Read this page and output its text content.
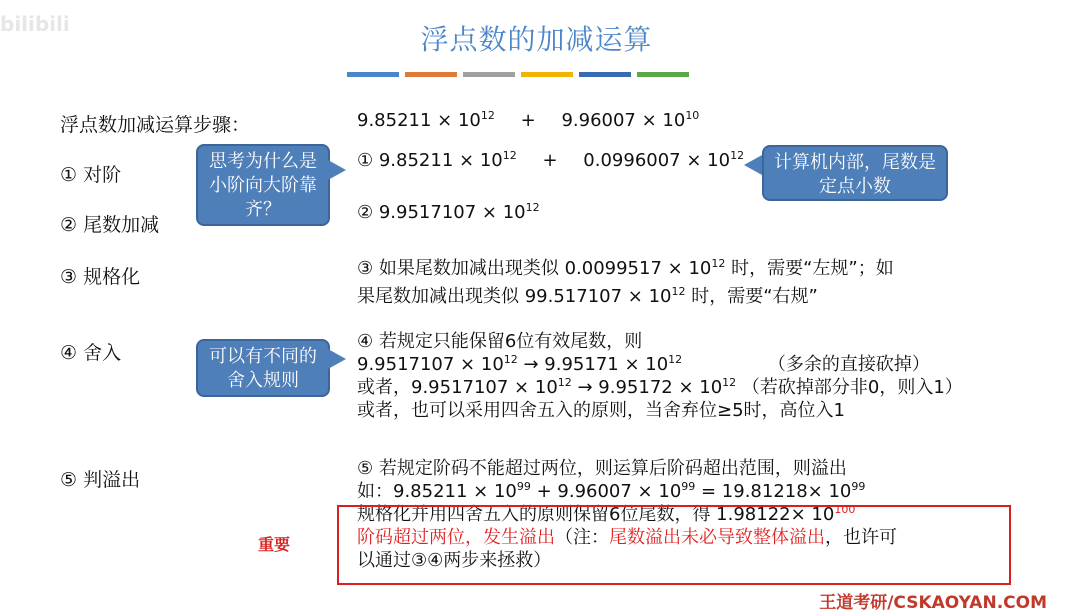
bilibili	浮点数的加减运算
浮点数加减运算步骤：	$9.85211 \times 10^{12} + 9.96007 \times 10^{10}$
① 对阶
② 尾数加减
③ 规格化
④ 舍入
⑤ 判溢出
① $9.85211 \times 10^{12} + 0.0996007 \times 10^{12}$
② $9.9517107 \times 10^{12}$
③ 如果尾数加减出现类似 $0.0099517 \times 10^{12}$ 时，需要“左规”；如
果尾数加减出现类似 $99.517107 \times 10^{12}$ 时，需要“右规”
④ 若规定只能保留6位有效尾数，则
$9.9517107 \times 10^{12} \to 9.95171 \times 10^{12}$	（多余的直接砍掉）
或者，$9.9517107 \times 10^{12} \to 9.95172 \times 10^{12}$ （若砍掉部分非0，则入1）
或者，也可以采用四舍五入的原则，当舍弃位≥5时，高位入1
⑤ 若规定阶码不能超过两位，则运算后阶码超出范围，则溢出
如：$9.85211 \times 10^{99} + 9.96007 \times 10^{99} = 19.81218\times 10^{99}$
规格化并用四舍五入的原则保留6位尾数，得 $1.98122\times 10^{100}$
阶码超过两位，发生溢出（注：尾数溢出未必导致整体溢出，也许可
以通过③④两步来拯救）
重要
思考为什么是小阶向大阶靠齐？
计算机内部，尾数是定点小数
可以有不同的舍入规则
王道考研/CSKAOYAN.COM
